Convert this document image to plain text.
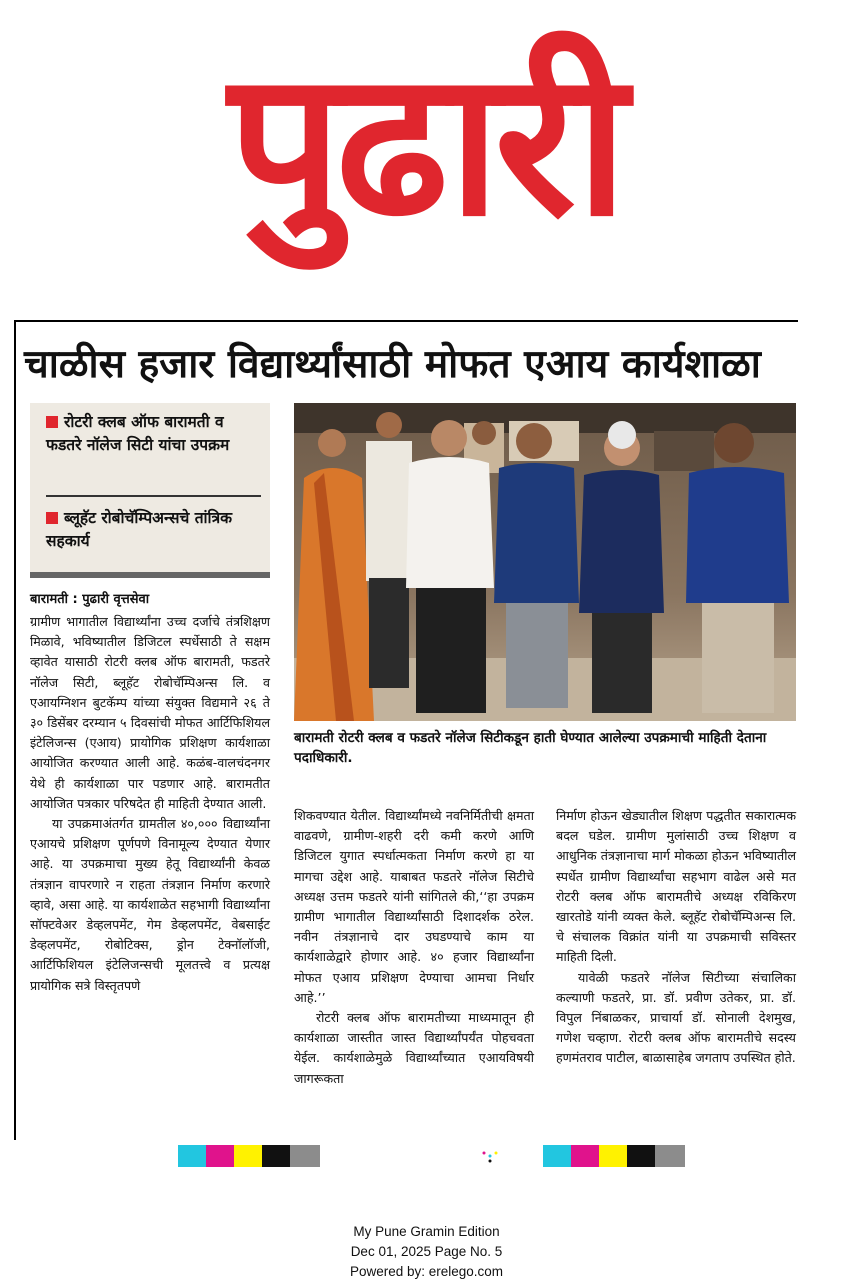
पुढारी
चाळीस हजार विद्यार्थ्यांसाठी मोफत एआय कार्यशाळा
रोटरी क्लब ऑफ बारामती व फडतरे नॉलेज सिटी यांचा उपक्रम
ब्लूहॅट रोबोचॅम्पिअन्सचे तांत्रिक सहकार्य
बारामती : पुढारी वृत्तसेवा

ग्रामीण भागातील विद्यार्थ्यांना उच्च दर्जाचे तंत्रशिक्षण मिळावे, भविष्यातील डिजिटल स्पर्धेसाठी ते सक्षम व्हावेत यासाठी रोटरी क्लब ऑफ बारामती, फडतरे नॉलेज सिटी, ब्लूहॅट रोबोचॅम्पिअन्स लि. व एआयग्निशन बुटकॅम्प यांच्या संयुक्त विद्यमाने २६ ते ३० डिसेंबर दरम्यान ५ दिवसांची मोफत आर्टिफिशियल इंटेलिजन्स (एआय) प्रायोगिक प्रशिक्षण कार्यशाळा आयोजित करण्यात आली आहे. कळंब-वालचंदनगर येथे ही कार्यशाळा पार पडणार आहे. बारामतीत आयोजित पत्रकार परिषदेत ही माहिती देण्यात आली.

या उपक्रमाअंतर्गत ग्रामतील ४०,००० विद्यार्थ्यांना एआयचे प्रशिक्षण पूर्णपणे विनामूल्य देण्यात येणार आहे. या उपक्रमाचा मुख्य हेतू विद्यार्थ्यांनी केवळ तंत्रज्ञान वापरणारे न राहता तंत्रज्ञान निर्माण करणारे व्हावे, असा आहे. या कार्यशाळेत सहभागी विद्यार्थ्यांना सॉफ्टवेअर डेव्हलपमेंट, गेम डेव्हलपमेंट, वेबसाईट डेव्हलपमेंट, रोबोटिक्स, ड्रोन टेक्नॉलॉजी, आर्टिफिशियल इंटेलिजन्सची मूलतत्त्वे व प्रत्यक्ष प्रायोगिक सत्रे विस्तृतपणे

बारामती रोटरी क्लब व फडतरे नॉलेज सिटीकडून हाती घेण्यात आलेल्या उपक्रमाची माहिती देताना पदाधिकारी.

शिकवण्यात येतील. विद्यार्थ्यांमध्ये नवनिर्मितीची क्षमता वाढवणे, ग्रामीण-शहरी दरी कमी करणे आणि डिजिटल युगात स्पर्धात्मकता निर्माण करणे हा या मागचा उद्देश आहे. याबाबत फडतरे नॉलेज सिटीचे अध्यक्ष उत्तम फडतरे यांनी सांगितले की,‘‘हा उपक्रम ग्रामीण भागातील विद्यार्थ्यांसाठी दिशादर्शक ठरेल. नवीन तंत्रज्ञानाचे दार उघडण्याचे काम या कार्यशाळेद्वारे होणार आहे. ४० हजार विद्यार्थ्यांना मोफत एआय प्रशिक्षण देण्याचा आमचा निर्धार आहे.’’

रोटरी क्लब ऑफ बारामतीच्या माध्यमातून ही कार्यशाळा जास्तीत जास्त विद्यार्थ्यांपर्यंत पोहचवता येईल. कार्यशाळेमुळे विद्यार्थ्यांच्यात एआयविषयी जागरूकता

निर्माण होऊन खेड्यातील शिक्षण पद्धतीत सकारात्मक बदल घडेल. ग्रामीण मुलांसाठी उच्च शिक्षण व आधुनिक तंत्रज्ञानाचा मार्ग मोकळा होऊन भविष्यातील स्पर्धेत ग्रामीण विद्यार्थ्यांचा सहभाग वाढेल असे मत रोटरी क्लब ऑफ बारामतीचे अध्यक्ष रविकिरण खारतोडे यांनी व्यक्त केले. ब्लूहॅट रोबोचॅम्पिअन्स लि. चे संचालक विक्रांत यांनी या उपक्रमाची सविस्तर माहिती दिली.

यावेळी फडतरे नॉलेज सिटीच्या संचालिका कल्याणी फडतरे, प्रा. डॉ. प्रवीण उतेकर, प्रा. डॉ. विपुल निंबाळकर, प्राचार्या डॉ. सोनाली देशमुख, गणेश चव्हाण. रोटरी क्लब ऑफ बारामतीचे सदस्य हणमंतराव पाटील, बाळासाहेब जगताप उपस्थित होते.

My Pune Gramin Edition
Dec 01, 2025 Page No. 5
Powered by: erelego.com
